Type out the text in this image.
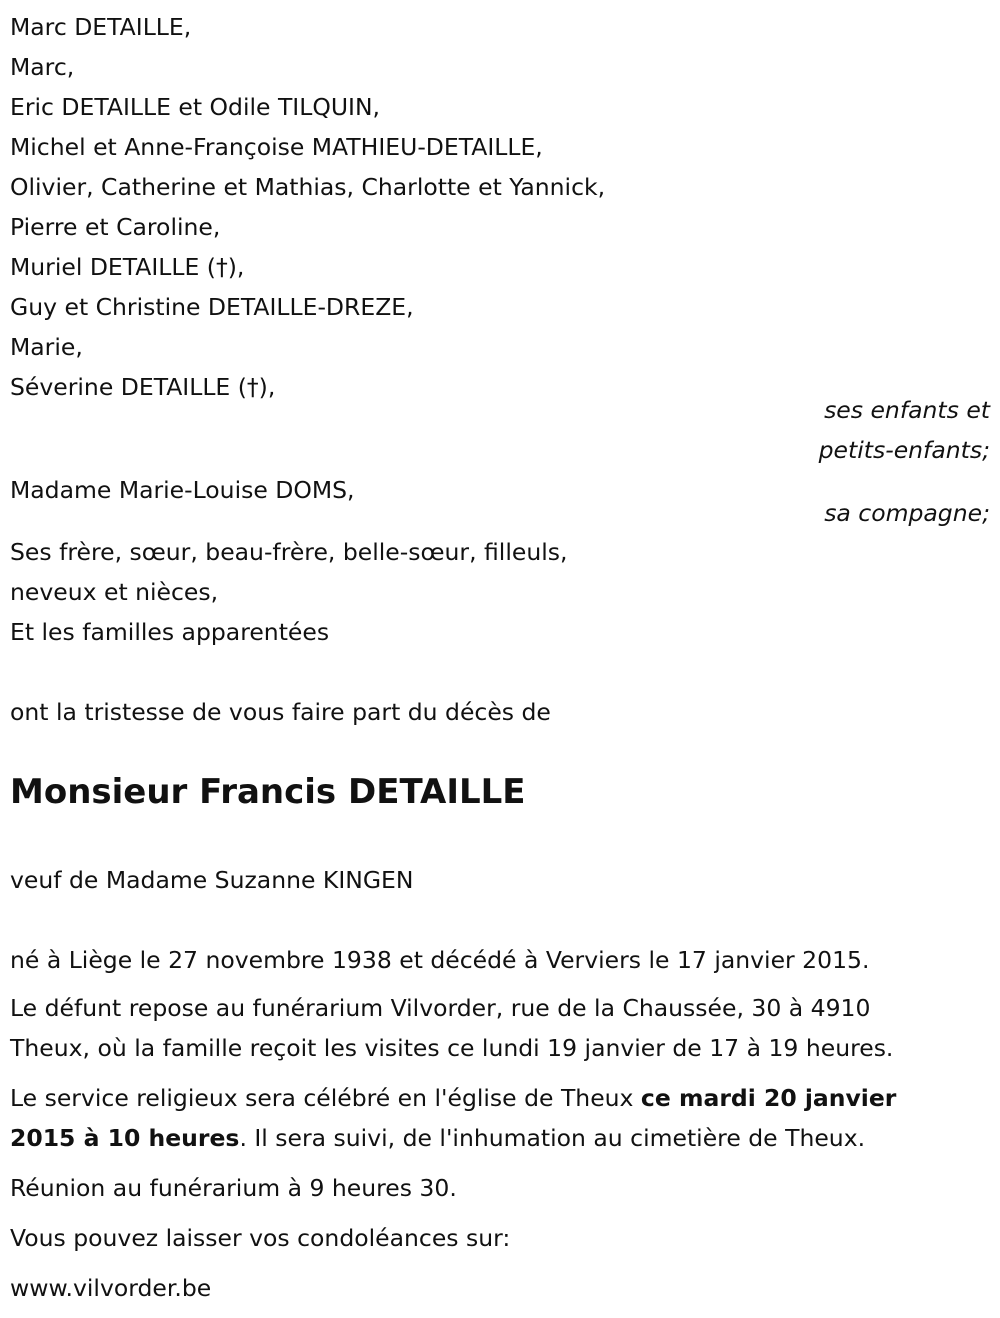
Marc DETAILLE,
Marc,
Eric DETAILLE et Odile TILQUIN,
Michel et Anne-Françoise MATHIEU-DETAILLE,
Olivier, Catherine et Mathias, Charlotte et Yannick,
Pierre et Caroline,
Muriel DETAILLE (†),
Guy et Christine DETAILLE-DREZE,
Marie,
Séverine DETAILLE (†),
ses enfants et
petits-enfants;
Madame Marie-Louise DOMS,
sa compagne;
Ses frère, sœur, beau-frère, belle-sœur, filleuls,
neveux et nièces,
Et les familles apparentées
ont la tristesse de vous faire part du décès de
Monsieur Francis DETAILLE
veuf de Madame Suzanne KINGEN
né à Liège le 27 novembre 1938 et décédé à Verviers le 17 janvier 2015.
Le défunt repose au funérarium Vilvorder, rue de la Chaussée, 30 à 4910
Theux, où la famille reçoit les visites ce lundi 19 janvier de 17 à 19 heures.
Le service religieux sera célébré en l'église de Theux ce mardi 20 janvier
2015 à 10 heures. Il sera suivi, de l'inhumation au cimetière de Theux.
Réunion au funérarium à 9 heures 30.
Vous pouvez laisser vos condoléances sur:
www.vilvorder.be
